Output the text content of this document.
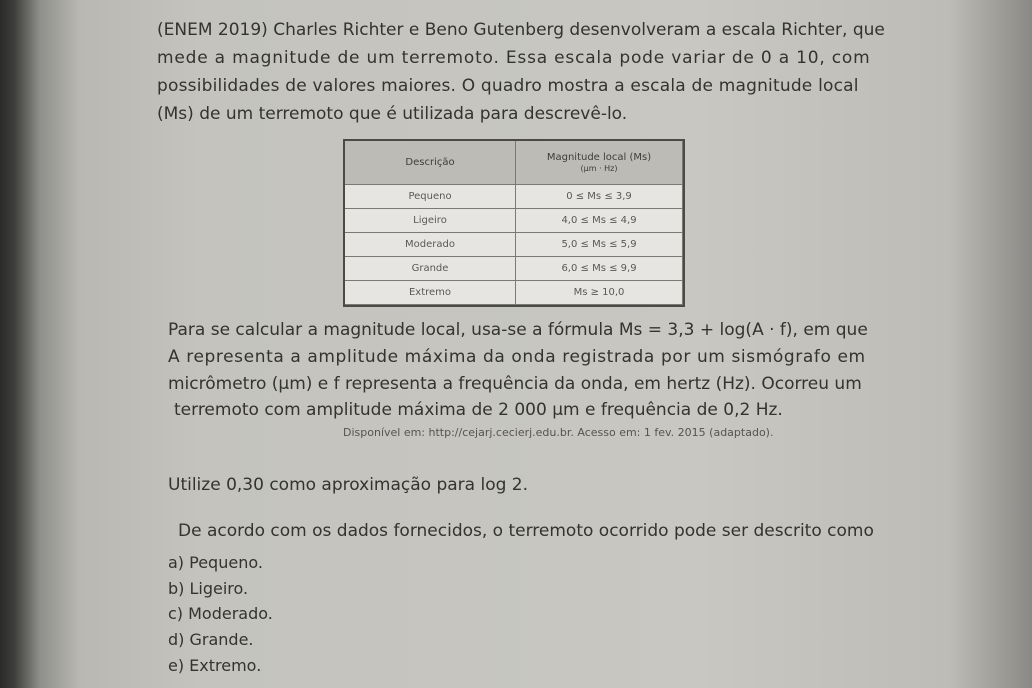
(ENEM 2019) Charles Richter e Beno Gutenberg desenvolveram a escala Richter, que
mede a magnitude de um terremoto. Essa escala pode variar de 0 a 10, com
possibilidades de valores maiores. O quadro mostra a escala de magnitude local
(Ms) de um terremoto que é utilizada para descrevê-lo.
Descrição	Magnitude local (Ms)
(μm · Hz)
Pequeno	0 ≤ Ms ≤ 3,9
Ligeiro	4,0 ≤ Ms ≤ 4,9
Moderado	5,0 ≤ Ms ≤ 5,9
Grande	6,0 ≤ Ms ≤ 9,9
Extremo	Ms ≥ 10,0
Para se calcular a magnitude local, usa-se a fórmula Ms = 3,3 + log(A · f), em que
A representa a amplitude máxima da onda registrada por um sismógrafo em
micrômetro (μm) e f representa a frequência da onda, em hertz (Hz). Ocorreu um
terremoto com amplitude máxima de 2 000 μm e frequência de 0,2 Hz.
Disponível em: http://cejarj.cecierj.edu.br. Acesso em: 1 fev. 2015 (adaptado).
Utilize 0,30 como aproximação para log 2.
De acordo com os dados fornecidos, o terremoto ocorrido pode ser descrito como
a) Pequeno.
b) Ligeiro.
c) Moderado.
d) Grande.
e) Extremo.
